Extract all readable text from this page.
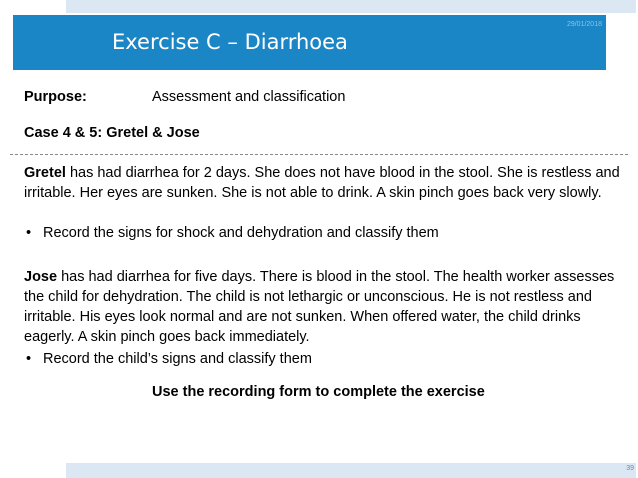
Exercise C – Diarrhoea
29/01/2018
Purpose:	Assessment and classification
Case 4 & 5: Gretel & Jose
Gretel has had diarrhea for 2 days. She does not have blood in the stool. She is restless and irritable. Her eyes are sunken. She is not able to drink. A skin pinch goes back very slowly.
• Record the signs for shock and dehydration and classify them
Jose has had diarrhea for five days. There is blood in the stool. The health worker assesses the child for dehydration. The child is not lethargic or unconscious. He is not restless and irritable. His eyes look normal and are not sunken. When offered water, the child drinks eagerly. A skin pinch goes back immediately.
• Record the child’s signs and classify them
Use the recording form to complete the exercise
39
